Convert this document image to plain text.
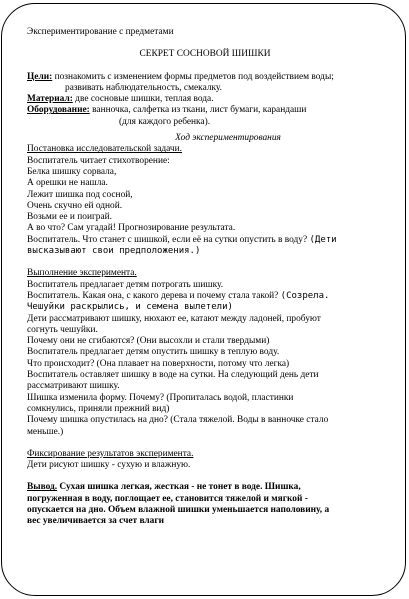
Экспериментирование с предметами
СЕКРЕТ СОСНОВОЙ ШИШКИ
Цели: познакомить с изменением формы предметов под воздействием воды;
развивать наблюдательность, смекалку.
Материал: две сосновые шишки, теплая вода.
Оборудование: ванночка, салфетка из ткани, лист бумаги, карандаши
(для каждого ребенка).
Ход экспериментирования
Постановка исследовательской задачи.
Воспитатель читает стихотворение:
Белка шишку сорвала,
А орешки не нашла.
Лежит шишка под сосной,
Очень скучно ей одной.
Возьми ее и поиграй.
А во что? Сам угадай! Прогнозирование результата.
Воспитатель. Что станет с шишкой, если её на сутки опустить в воду? (Дети
высказывают свои предположения.)
Выполнение эксперимента.
Воспитатель предлагает детям потрогать шишку.
Воспитатель. Какая она, с какого дерева и почему стала такой? (Созрела.
Чешуйки раскрылись, и семена вылетели)
Дети рассматривают шишку, нюхают ее, катают между ладоней, пробуют
согнуть чешуйки.
Почему они не сгибаются? (Они высохли и стали твердыми)
Воспитатель предлагает детям опустить шишку в теплую воду.
Что происходит? (Она плавает на поверхности, потому что легка)
Воспитатель оставляет шишку в воде на сутки. На следующий день дети
рассматривают шишку.
Шишка изменила форму. Почему? (Пропиталась водой, пластинки
сомкнулись, приняли прежний вид)
Почему шишка опустилась на дно? (Стала тяжелой. Воды в ванночке стало
меньше.)
Фиксирование результатов эксперимента.
Дети рисуют шишку - сухую и влажную.
Вывод. Сухая шишка легкая, жесткая - не тонет в воде. Шишка,
погруженная в воду, поглощает ее, становится тяжелой и мягкой -
опускается на дно. Объем влажной шишки уменьшается наполовину, а
вес увеличивается за счет влаги
